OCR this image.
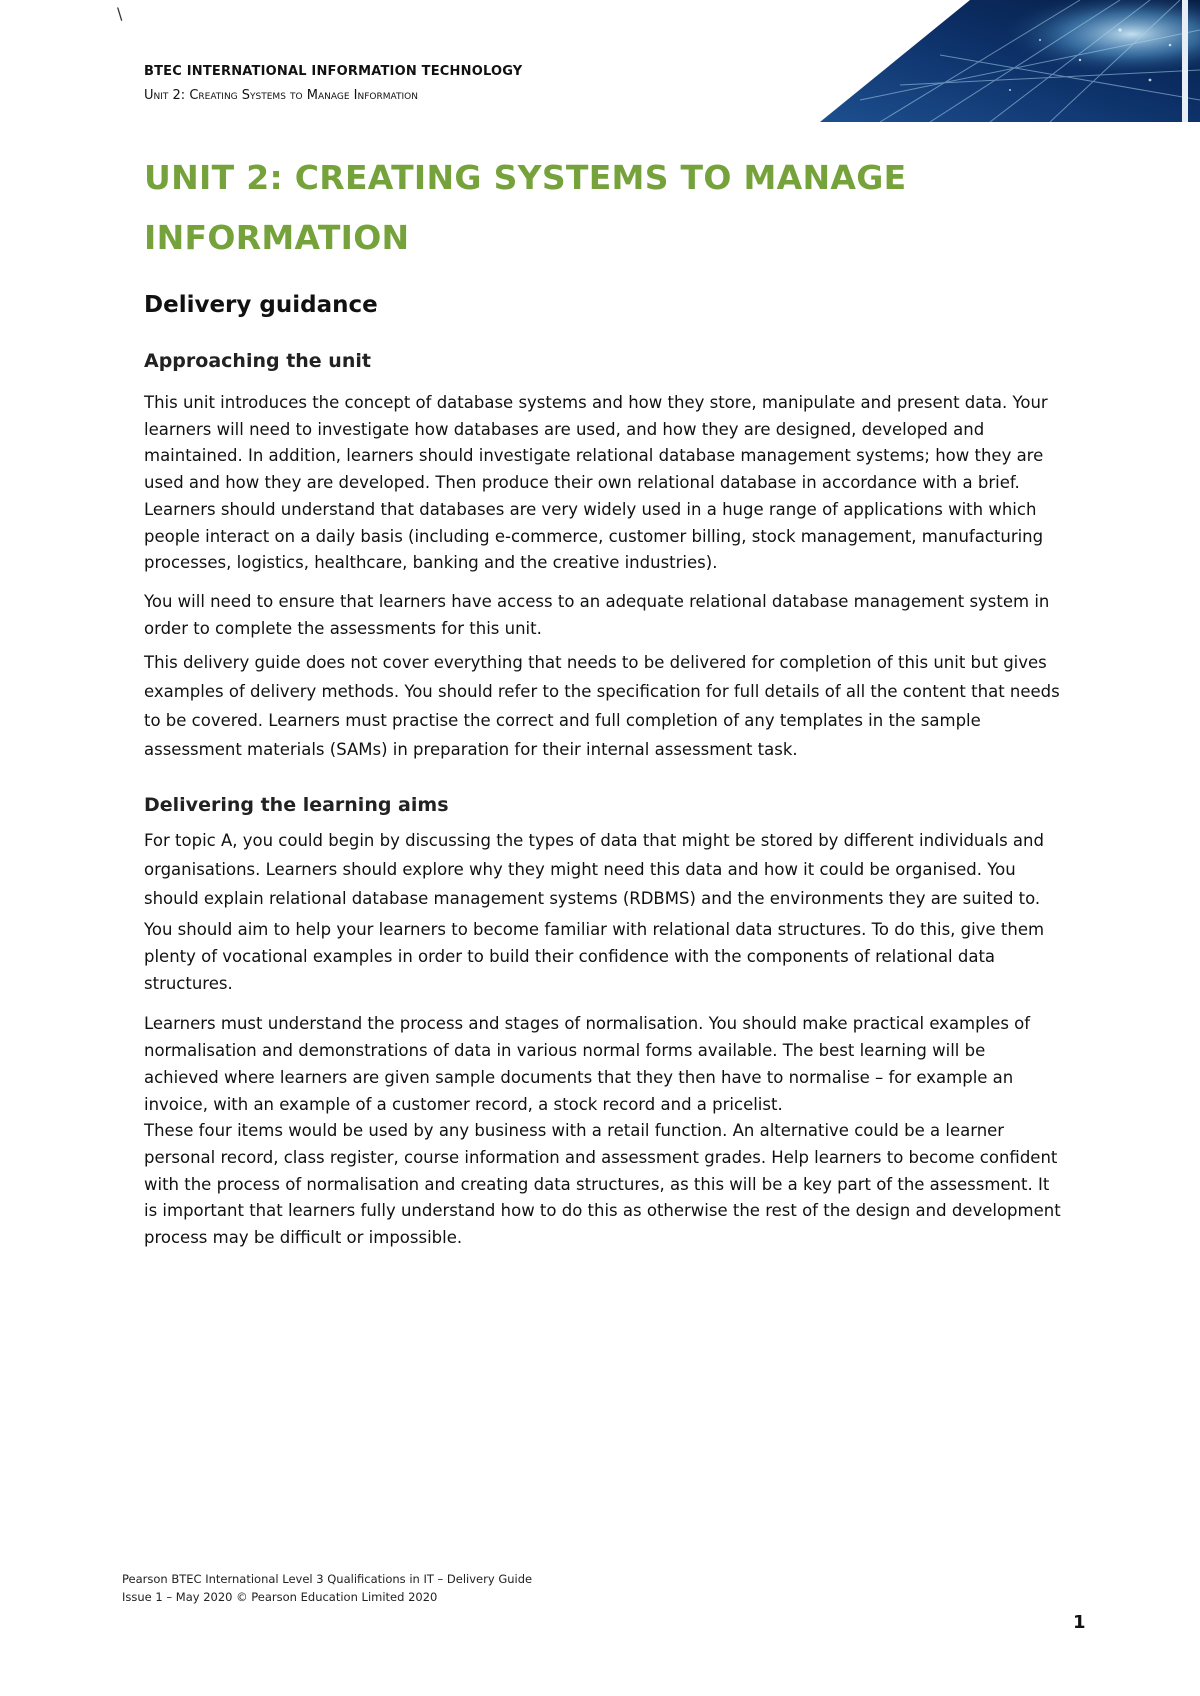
\
BTEC INTERNATIONAL INFORMATION TECHNOLOGY
Unit 2: Creating Systems to Manage Information
UNIT 2: CREATING SYSTEMS TO MANAGE INFORMATION
Delivery guidance
Approaching the unit

This unit introduces the concept of database systems and how they store, manipulate and present data. Your learners will need to investigate how databases are used, and how they are designed, developed and maintained. In addition, learners should investigate relational database management systems; how they are used and how they are developed. Then produce their own relational database in accordance with a brief. Learners should understand that databases are very widely used in a huge range of applications with which people interact on a daily basis (including e-commerce, customer billing, stock management, manufacturing processes, logistics, healthcare, banking and the creative industries).

You will need to ensure that learners have access to an adequate relational database management system in order to complete the assessments for this unit.

This delivery guide does not cover everything that needs to be delivered for completion of this unit but gives examples of delivery methods. You should refer to the specification for full details of all the content that needs to be covered. Learners must practise the correct and full completion of any templates in the sample assessment materials (SAMs) in preparation for their internal assessment task.

Delivering the learning aims

For topic A, you could begin by discussing the types of data that might be stored by different individuals and organisations. Learners should explore why they might need this data and how it could be organised. You should explain relational database management systems (RDBMS) and the environments they are suited to.

You should aim to help your learners to become familiar with relational data structures. To do this, give them plenty of vocational examples in order to build their confidence with the components of relational data structures.

Learners must understand the process and stages of normalisation. You should make practical examples of normalisation and demonstrations of data in various normal forms available. The best learning will be achieved where learners are given sample documents that they then have to normalise – for example an invoice, with an example of a customer record, a stock record and a pricelist.

These four items would be used by any business with a retail function. An alternative could be a learner personal record, class register, course information and assessment grades. Help learners to become confident with the process of normalisation and creating data structures, as this will be a key part of the assessment. It is important that learners fully understand how to do this as otherwise the rest of the design and development process may be difficult or impossible.

Pearson BTEC International Level 3 Qualifications in IT – Delivery Guide
Issue 1 – May 2020 © Pearson Education Limited 2020
1
